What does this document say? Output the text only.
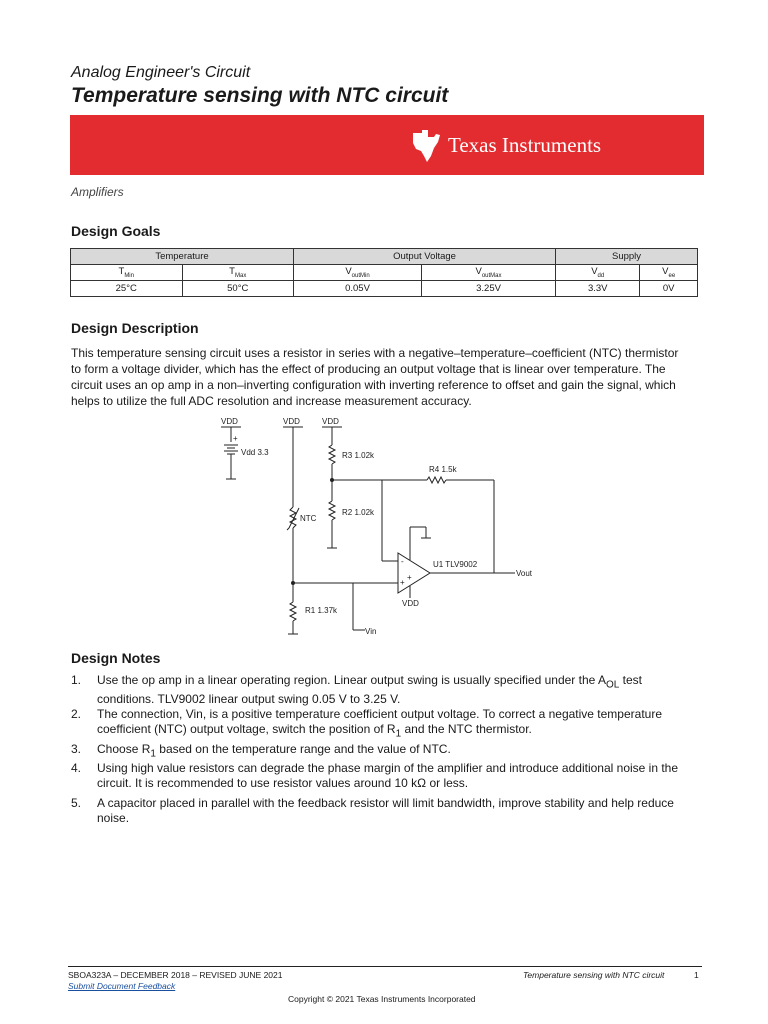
Analog Engineer's Circuit
Temperature sensing with NTC circuit
Texas Instruments
Amplifiers
Design Goals
Temperature		Output Voltage		Supply	
$T_{Min}$	$T_{Max}$	$V_{outMin}$	$V_{outMax}$	$V_{dd}$	$V_{ee}$
25°C	50°C	0.05V	3.25V	3.3V	0V
Design Description
This temperature sensing circuit uses a resistor in series with a negative–temperature–coefficient (NTC) thermistor to form a voltage divider, which has the effect of producing an output voltage that is linear over temperature. The circuit uses an op amp in a non–inverting configuration with inverting reference to offset and gain the signal, which helps to utilize the full ADC resolution and increase measurement accuracy.
VDD
+
Vdd 3.3
VDD
NTC
R1 1.37k
Vin
VDD
R3 1.02k
R2 1.02k
R4 1.5k
-
+
+
U1 TLV9002
VDD
Vout
Design Notes
1. Use the op amp in a linear operating region. Linear output swing is usually specified under the $A_{OL}$ test conditions. TLV9002 linear output swing 0.05 V to 3.25 V.
2. The connection, Vin, is a positive temperature coefficient output voltage. To correct a negative temperature coefficient (NTC) output voltage, switch the position of $R_1$ and the NTC thermistor.
3. Choose $R_1$ based on the temperature range and the value of NTC.
4. Using high value resistors can degrade the phase margin of the amplifier and introduce additional noise in the circuit. It is recommended to use resistor values around 10 kΩ or less.
5. A capacitor placed in parallel with the feedback resistor will limit bandwidth, improve stability and help reduce noise.
SBOA323A – DECEMBER 2018 – REVISED JUNE 2021
Submit Document Feedback
Temperature sensing with NTC circuit	1
Copyright © 2021 Texas Instruments Incorporated
